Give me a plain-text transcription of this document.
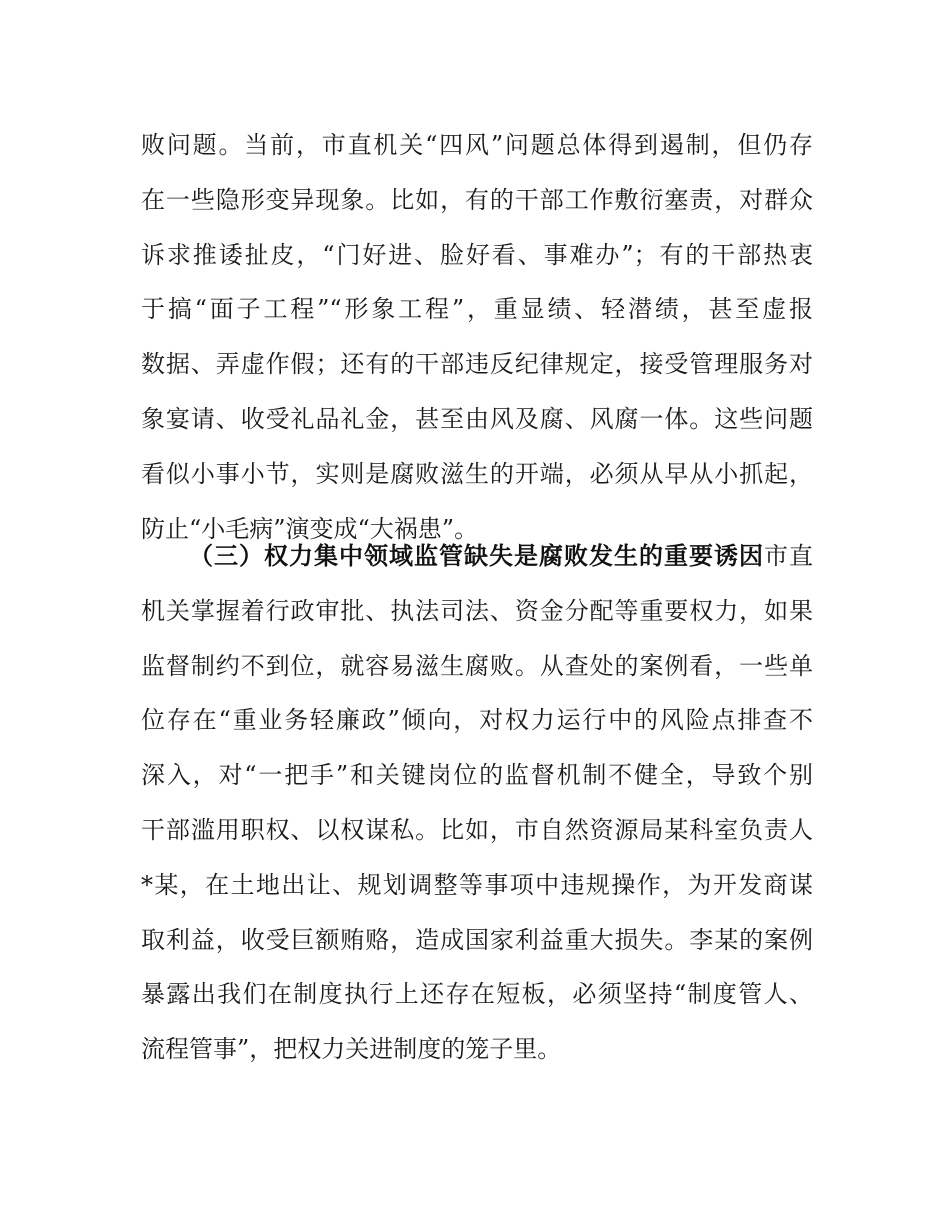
败问题。当前，市直机关“四风”问题总体得到遏制，但仍存
在一些隐形变异现象。比如，有的干部工作敷衍塞责，对群众
诉求推诿扯皮，“门好进、脸好看、事难办”；有的干部热衷
于搞“面子工程”“形象工程”，重显绩、轻潜绩，甚至虚报
数据、弄虚作假；还有的干部违反纪律规定，接受管理服务对
象宴请、收受礼品礼金，甚至由风及腐、风腐一体。这些问题
看似小事小节，实则是腐败滋生的开端，必须从早从小抓起，
防止“小毛病”演变成“大祸患”。
（三）权力集中领域监管缺失是腐败发生的重要诱因市直
机关掌握着行政审批、执法司法、资金分配等重要权力，如果
监督制约不到位，就容易滋生腐败。从查处的案例看，一些单
位存在“重业务轻廉政”倾向，对权力运行中的风险点排查不
深入，对“一把手”和关键岗位的监督机制不健全，导致个别
干部滥用职权、以权谋私。比如，市自然资源局某科室负责人
*某，在土地出让、规划调整等事项中违规操作，为开发商谋
取利益，收受巨额贿赂，造成国家利益重大损失。李某的案例
暴露出我们在制度执行上还存在短板，必须坚持“制度管人、
流程管事”，把权力关进制度的笼子里。
